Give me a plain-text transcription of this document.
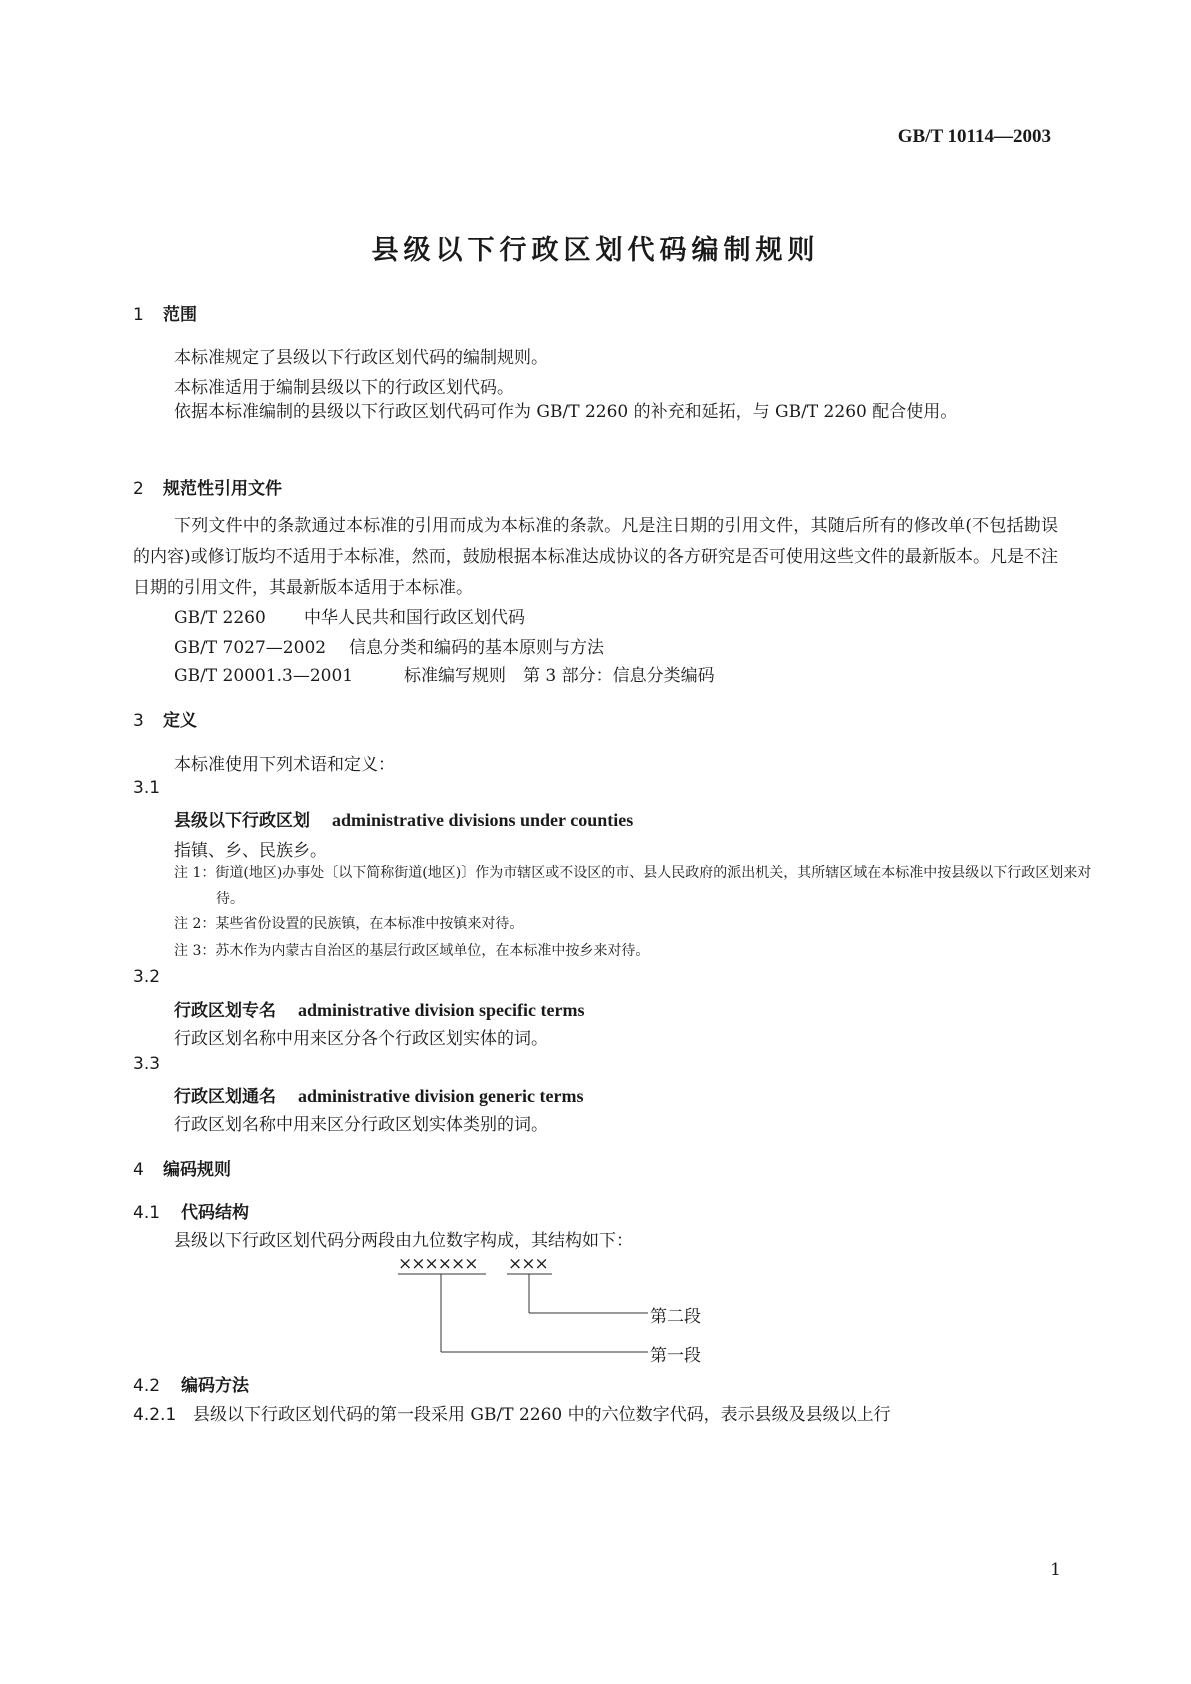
GB/T 10114—2003
县级以下行政区划代码编制规则
1 范围
本标准规定了县级以下行政区划代码的编制规则。
本标准适用于编制县级以下的行政区划代码。
依据本标准编制的县级以下行政区划代码可作为 GB/T 2260 的补充和延拓，与 GB/T 2260 配合使用。
2 规范性引用文件
下列文件中的条款通过本标准的引用而成为本标准的条款。凡是注日期的引用文件，其随后所有的修改单(不包括勘误的内容)或修订版均不适用于本标准，然而，鼓励根据本标准达成协议的各方研究是否可使用这些文件的最新版本。凡是不注日期的引用文件，其最新版本适用于本标准。
GB/T 2260 中华人民共和国行政区划代码
GB/T 7027—2002 信息分类和编码的基本原则与方法
GB/T 20001.3—2001	标准编写规则　第 3 部分：信息分类编码
3 定义
本标准使用下列术语和定义：
3.1
县级以下行政区划 administrative divisions under counties
指镇、乡、民族乡。
注 1：街道(地区)办事处〔以下简称街道(地区)〕作为市辖区或不设区的市、县人民政府的派出机关，其所辖区域在本标准中按县级以下行政区划来对待。
注 2：某些省份设置的民族镇，在本标准中按镇来对待。
注 3：苏木作为内蒙古自治区的基层行政区域单位，在本标准中按乡来对待。
3.2
行政区划专名 administrative division specific terms
行政区划名称中用来区分各个行政区划实体的词。
3.3
行政区划通名 administrative division generic terms
行政区划名称中用来区分行政区划实体类别的词。
4 编码规则
4.1 代码结构
县级以下行政区划代码分两段由九位数字构成，其结构如下：
×××××× ×××
第二段
第一段
4.2 编码方法
4.2.1 县级以下行政区划代码的第一段采用 GB/T 2260 中的六位数字代码，表示县级及县级以上行
1
